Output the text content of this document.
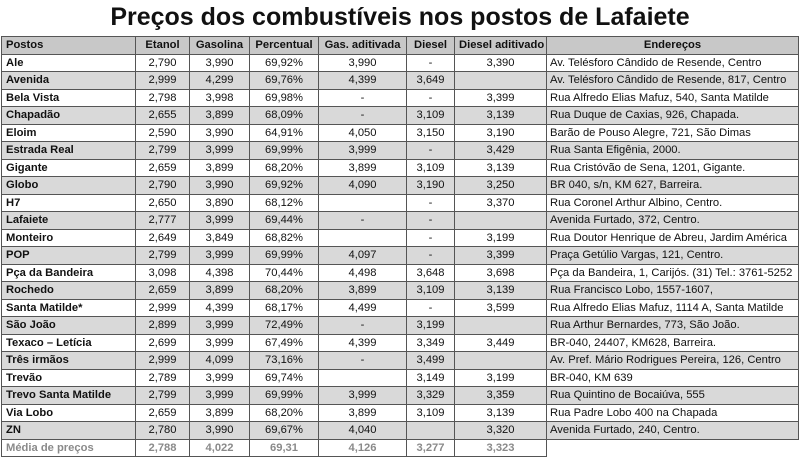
Preços dos combustíveis nos postos de Lafaiete
Postos	Etanol	Gasolina	Percentual	Gas. aditivada	Diesel	Diesel aditivado	Endereços
Ale	2,790	3,990	69,92%	3,990	-	3,390	Av. Telésforo Cândido de Resende, Centro
Avenida	2,999	4,299	69,76%	4,399	3,649		Av. Telésforo Cândido de Resende, 817, Centro
Bela Vista	2,798	3,998	69,98%	-	-	3,399	Rua Alfredo Elias Mafuz, 540, Santa Matilde
Chapadão	2,655	3,899	68,09%	-	3,109	3,139	Rua Duque de Caxias, 926, Chapada.
Eloim	2,590	3,990	64,91%	4,050	3,150	3,190	Barão de Pouso Alegre, 721, São Dimas
Estrada Real	2,799	3,999	69,99%	3,999	-	3,429	Rua Santa Efigênia, 2000.
Gigante	2,659	3,899	68,20%	3,899	3,109	3,139	Rua Cristóvão de Sena, 1201, Gigante.
Globo	2,790	3,990	69,92%	4,090	3,190	3,250	BR 040, s/n, KM 627, Barreira.
H7	2,650	3,890	68,12%		-	3,370	Rua Coronel Arthur Albino, Centro.
Lafaiete	2,777	3,999	69,44%	-	-		Avenida Furtado, 372, Centro.
Monteiro	2,649	3,849	68,82%		-	3,199	Rua Doutor Henrique de Abreu, Jardim América
POP	2,799	3,999	69,99%	4,097	-	3,399	Praça Getúlio Vargas, 121, Centro.
Pça da Bandeira	3,098	4,398	70,44%	4,498	3,648	3,698	Pça da Bandeira, 1, Carijós. (31) Tel.: 3761-5252
Rochedo	2,659	3,899	68,20%	3,899	3,109	3,139	Rua Francisco Lobo, 1557-1607,
Santa Matilde*	2,999	4,399	68,17%	4,499	-	3,599	Rua Alfredo Elias Mafuz, 1114 A, Santa Matilde
São João	2,899	3,999	72,49%	-	3,199		Rua Arthur Bernardes, 773, São João.
Texaco – Letícia	2,699	3,999	67,49%	4,399	3,349	3,449	BR-040, 24407, KM628, Barreira.
Três irmãos	2,999	4,099	73,16%	-	3,499		Av. Pref. Mário Rodrigues Pereira, 126, Centro
Trevão	2,789	3,999	69,74%		3,149	3,199	BR-040, KM 639
Trevo Santa Matilde	2,799	3,999	69,99%	3,999	3,329	3,359	Rua Quintino de Bocaiúva, 555
Via Lobo	2,659	3,899	68,20%	3,899	3,109	3,139	Rua Padre Lobo 400 na Chapada
ZN	2,780	3,990	69,67%	4,040		3,320	Avenida Furtado, 240, Centro.
Média de preços	2,788	4,022	69,31	4,126	3,277	3,323	
